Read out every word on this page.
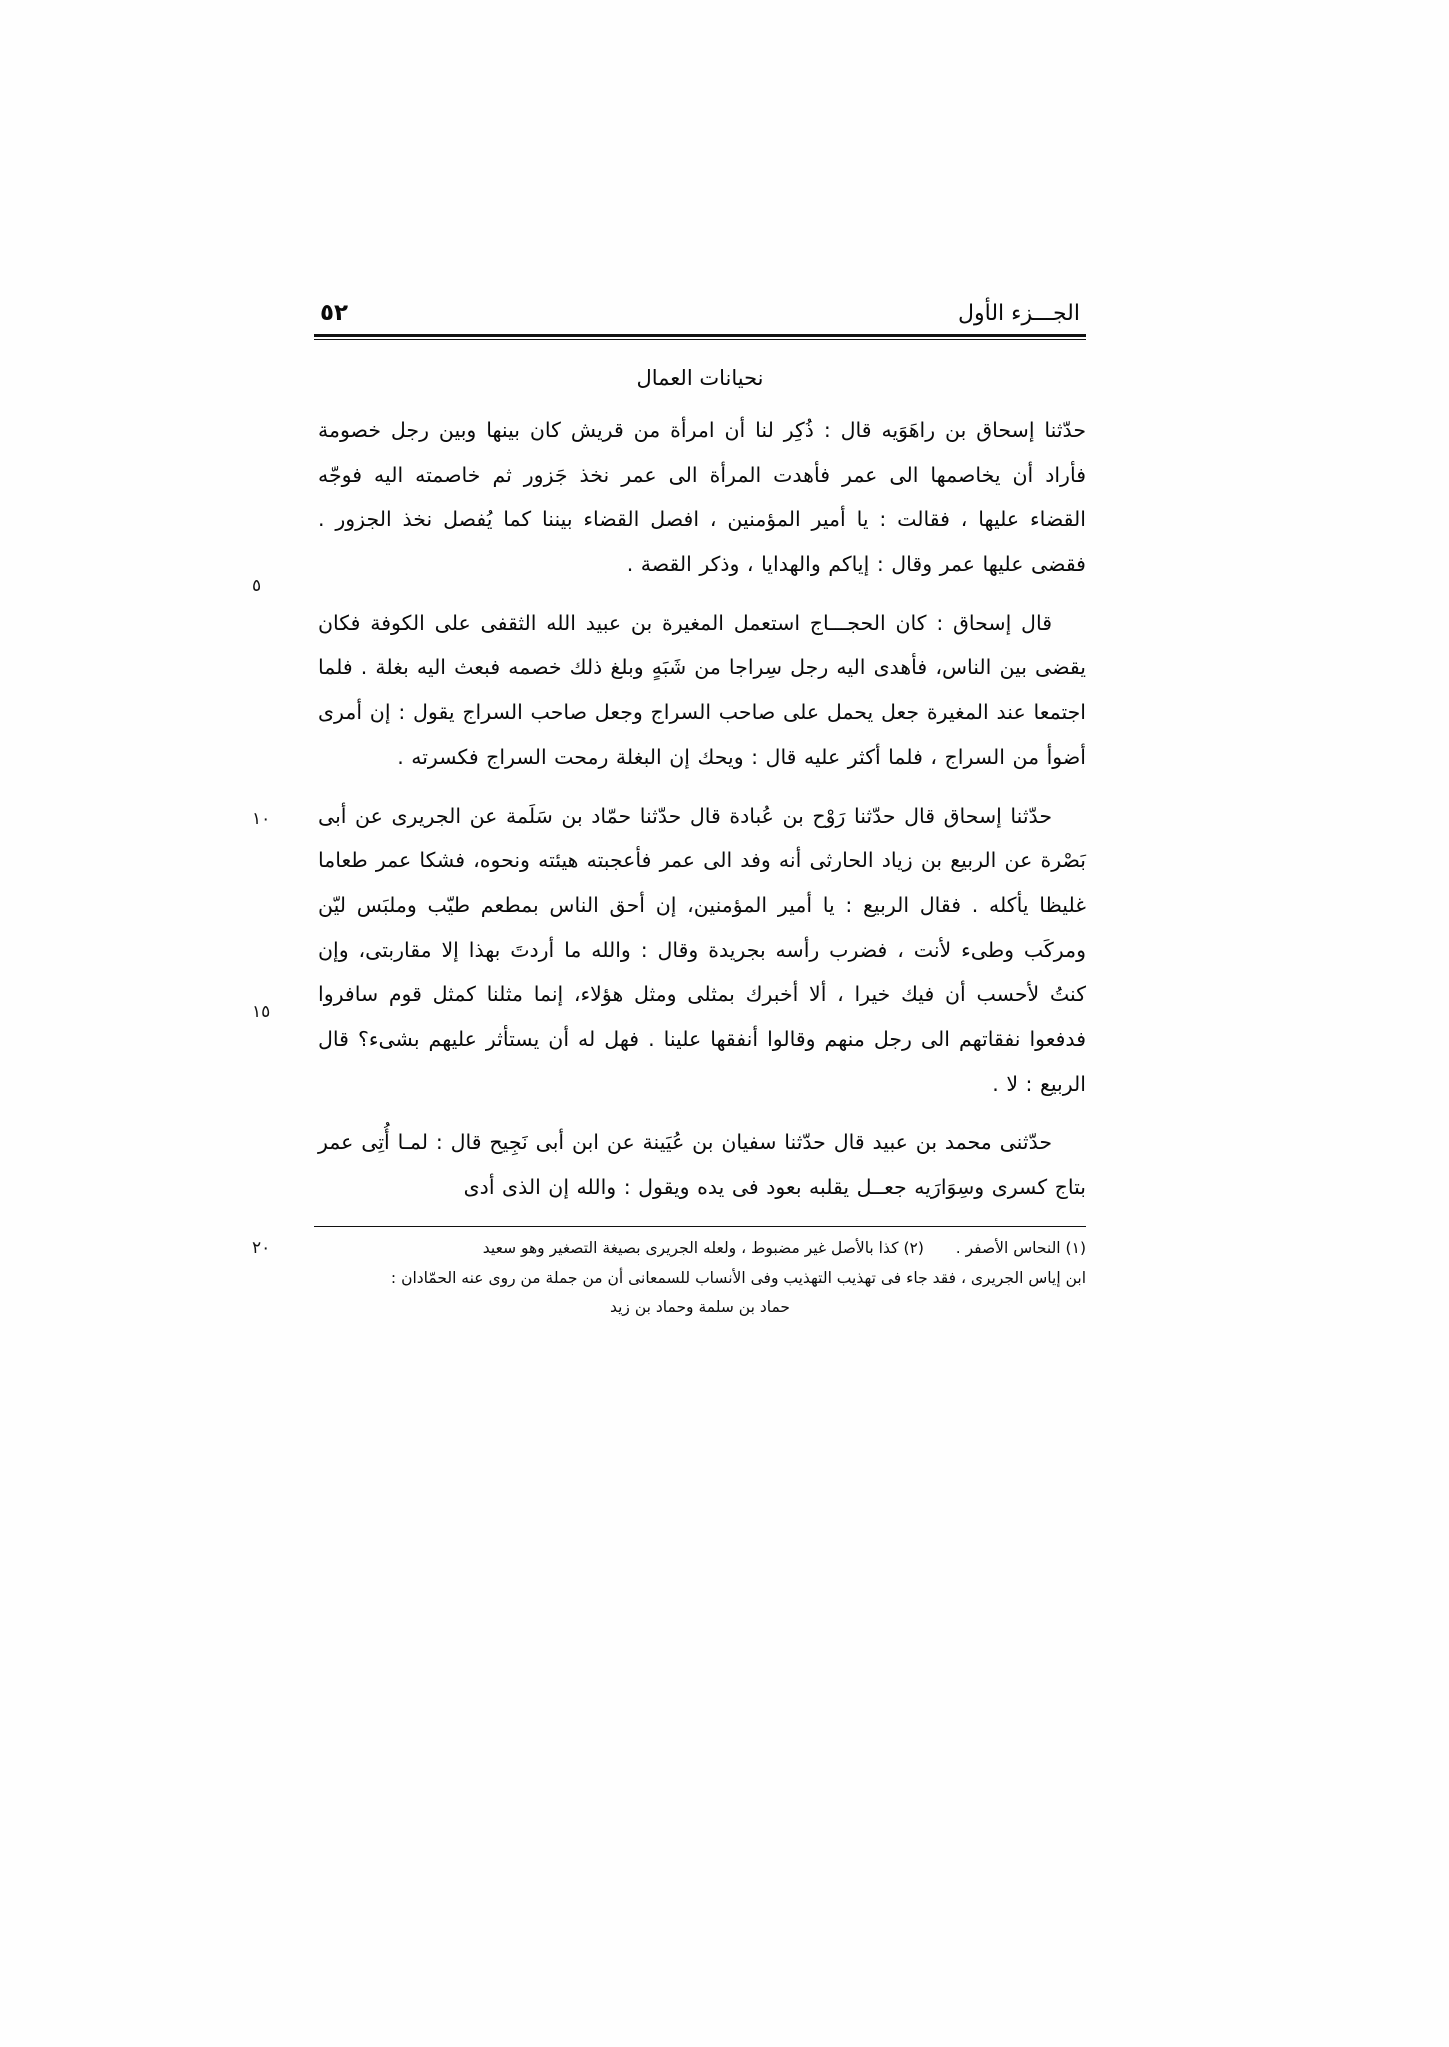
٥٢	الجـــزء الأول
نحيانات العمال

حدّثنا إسحاق بن راهَوَيه قال : ذُكِر لنا أن امرأة من قريش كان بينها وبين رجل خصومة فأراد أن يخاصمها الى عمر فأهدت المرأة الى عمر نخذ جَزور ثم خاصمته اليه فوجّه القضاء عليها ، فقالت : يا أمير المؤمنين ، افصل القضاء بيننا كما يُفصل نخذ الجزور . فقضى عليها عمر وقال : إياكم والهدايا ، وذكر القصة .
٥

قال إسحاق : كان الحجـــاج استعمل المغيرة بن عبيد الله الثقفى على الكوفة فكان يقضى بين الناس، فأهدى اليه رجل سِراجا من شَبَهٍ وبلغ ذلك خصمه فبعث اليه بغلة . فلما اجتمعا عند المغيرة جعل يحمل على صاحب السراج وجعل صاحب السراج يقول : إن أمرى أضوأ من السراج ، فلما أكثر عليه قال : ويحك إن البغلة رمحت السراج فكسرته .
١٠ حدّثنا إسحاق قال حدّثنا رَوْح بن عُبادة قال حدّثنا حمّاد بن سَلَمة عن الجريرى عن أبى بَصْرة عن الربيع بن زياد الحارثى أنه وفد الى عمر فأعجبته هيئته ونحوه، فشكا عمر طعاما غليظا يأكله . فقال الربيع : يا أمير المؤمنين، إن أحق الناس بمطعم طيّب وملبَس ليّن ومركَب وطىء لأنت ، فضرب رأسه بجريدة وقال : والله ما أردتَ بهذا إلا مقاربتى، وإن كنتُ لأحسب أن فيك خيرا ، ألا أخبرك بمثلى ومثل هؤلاء، إنما مثلنا كمثل قوم سافروا فدفعوا نفقاتهم الى رجل منهم وقالوا أنفقها علينا . فهل له أن يستأثر عليهم بشىء؟ قال الربيع : لا .
١٥

حدّثنى محمد بن عبيد قال حدّثنا سفيان بن عُيَينة عن ابن أبى نَجِيح قال : لمـا أُتِى عمر بتاج كسرى وسِوَارَيه جعــل يقلبه بعود فى يده ويقول : والله إن الذى أدى

(١) النحاس الأصفر .  (٢) كذا بالأصل غير مضبوط ، ولعله الجريرى بصيغة التصغير وهو سعيد
٢٠
ابن إياس الجريرى ، فقد جاء فى تهذيب التهذيب وفى الأنساب للسمعانى أن من جملة من روى عنه الحمّادان :
حماد بن سلمة وحماد بن زيد
